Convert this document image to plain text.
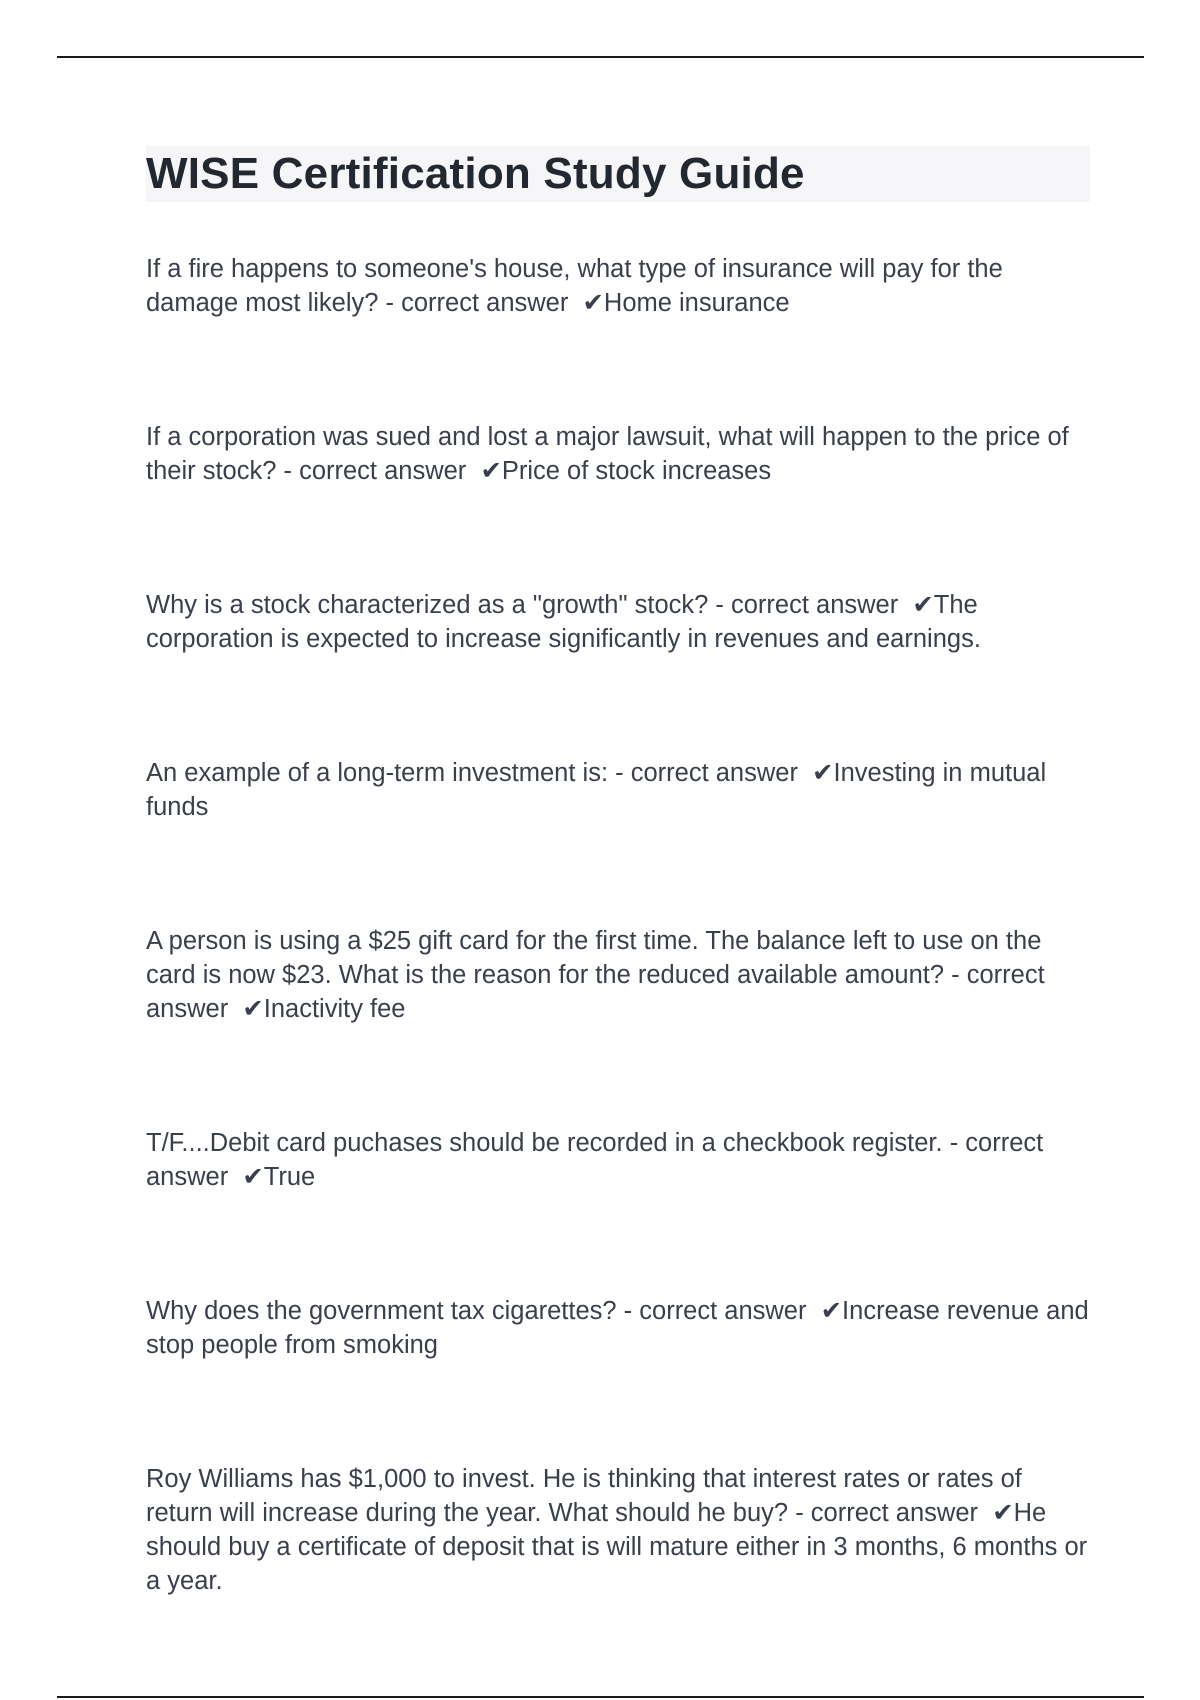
WISE Certification Study Guide

If a fire happens to someone's house, what type of insurance will pay for the damage most likely? - correct answer ✔Home insurance

If a corporation was sued and lost a major lawsuit, what will happen to the price of their stock? - correct answer ✔Price of stock increases

Why is a stock characterized as a "growth" stock? - correct answer ✔The corporation is expected to increase significantly in revenues and earnings.

An example of a long-term investment is: - correct answer ✔Investing in mutual funds

A person is using a $25 gift card for the first time. The balance left to use on the card is now $23. What is the reason for the reduced available amount? - correct answer ✔Inactivity fee

T/F....Debit card puchases should be recorded in a checkbook register. - correct answer ✔True

Why does the government tax cigarettes? - correct answer ✔Increase revenue and stop people from smoking

Roy Williams has $1,000 to invest. He is thinking that interest rates or rates of return will increase during the year. What should he buy? - correct answer ✔He should buy a certificate of deposit that is will mature either in 3 months, 6 months or a year.
